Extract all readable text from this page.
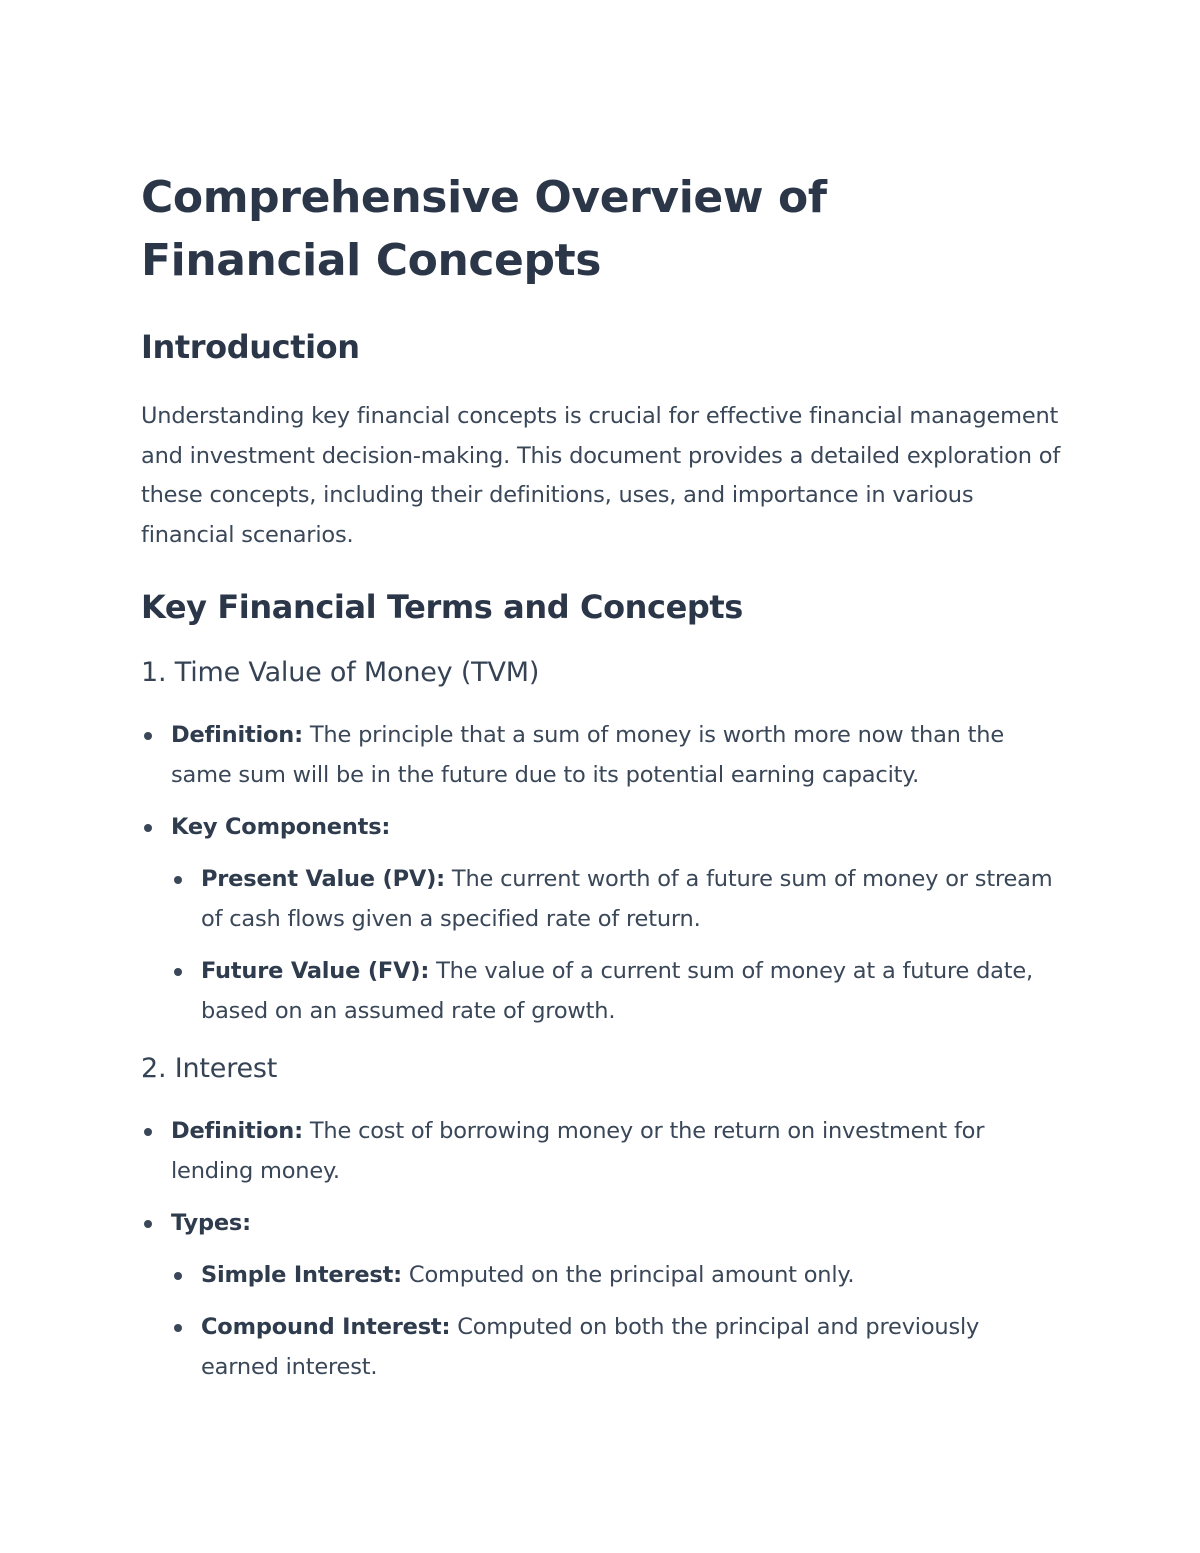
Comprehensive Overview of Financial Concepts
Introduction

Understanding key financial concepts is crucial for effective financial management and investment decision-making. This document provides a detailed exploration of these concepts, including their definitions, uses, and importance in various financial scenarios.

Key Financial Terms and Concepts
1. Time Value of Money (TVM)
Definition: The principle that a sum of money is worth more now than the same sum will be in the future due to its potential earning capacity.
Key Components:
Present Value (PV): The current worth of a future sum of money or stream of cash flows given a specified rate of return.
Future Value (FV): The value of a current sum of money at a future date, based on an assumed rate of growth.
2. Interest
Definition: The cost of borrowing money or the return on investment for lending money.
Types:
Simple Interest: Computed on the principal amount only.
Compound Interest: Computed on both the principal and previously earned interest.
